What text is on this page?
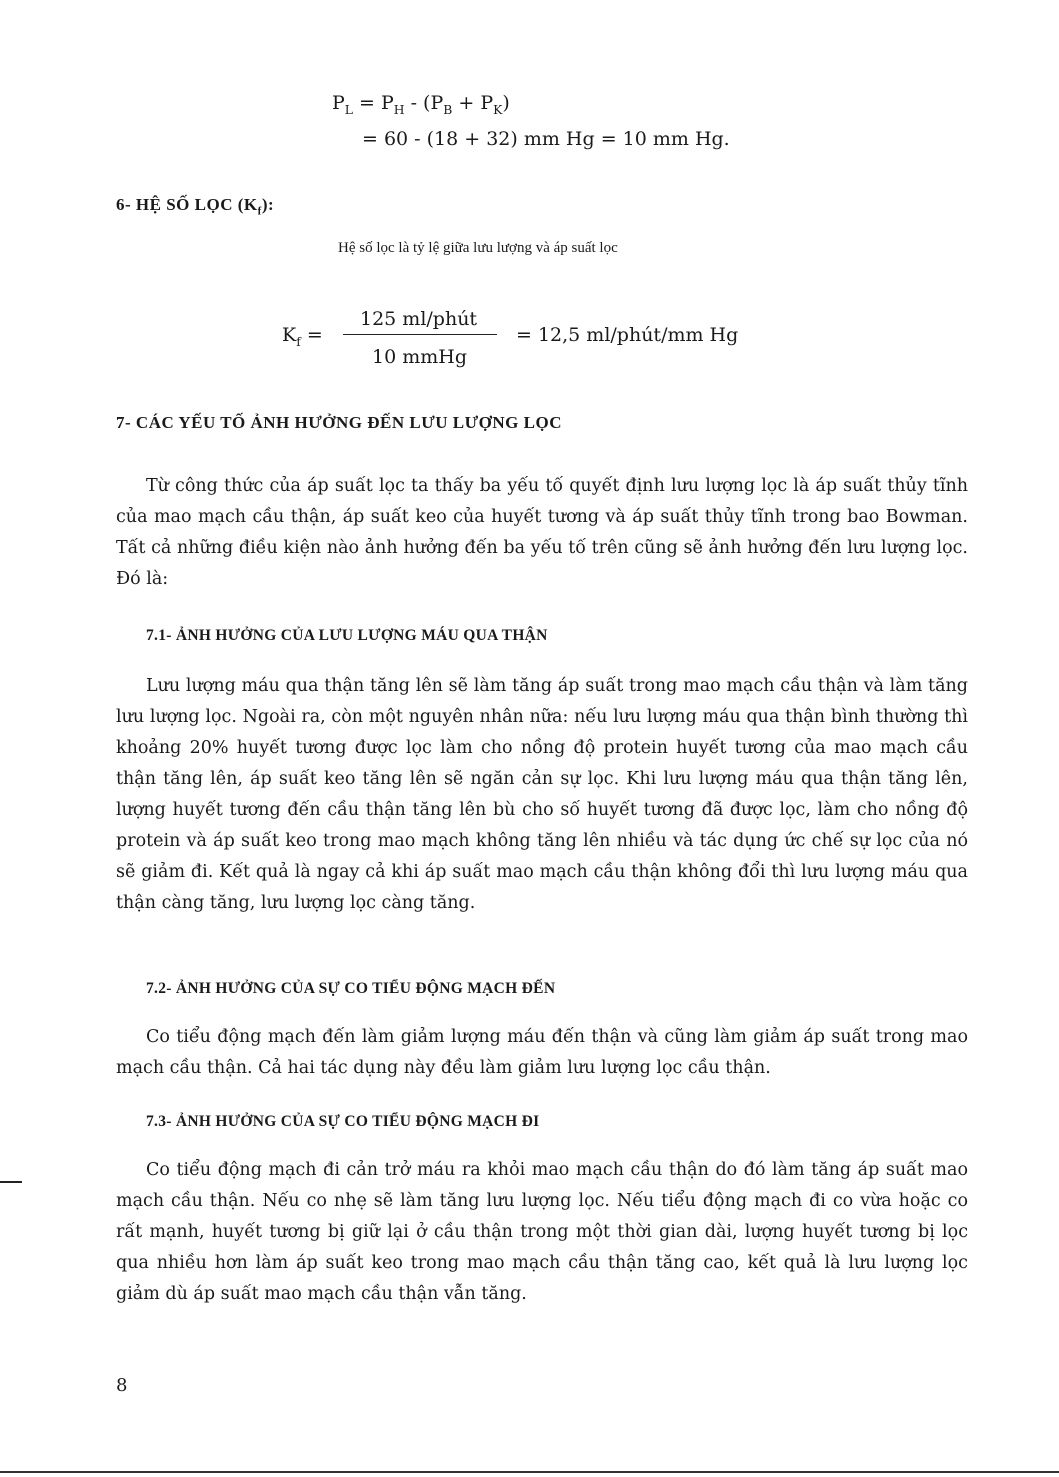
$P_L = P_H - (P_B + P_K)$
= 60 - (18 + 32) mm Hg = 10 mm Hg.
6- HỆ SỐ LỌC $(K_f)$:
Hệ số lọc là tỷ lệ giữa lưu lượng và áp suất lọc
$K_f$ =
125 ml/phút
10 mmHg
= 12,5 ml/phút/mm Hg
7- CÁC YẾU TỐ ẢNH HƯỞNG ĐẾN LƯU LƯỢNG LỌC

Từ công thức của áp suất lọc ta thấy ba yếu tố quyết định lưu lượng lọc là áp suất thủy tĩnh của mao mạch cầu thận, áp suất keo của huyết tương và áp suất thủy tĩnh trong bao Bowman. Tất cả những điều kiện nào ảnh hưởng đến ba yếu tố trên cũng sẽ ảnh hưởng đến lưu lượng lọc. Đó là:

7.1- ẢNH HƯỞNG CỦA LƯU LƯỢNG MÁU QUA THẬN

Lưu lượng máu qua thận tăng lên sẽ làm tăng áp suất trong mao mạch cầu thận và làm tăng lưu lượng lọc. Ngoài ra, còn một nguyên nhân nữa: nếu lưu lượng máu qua thận bình thường thì khoảng 20% huyết tương được lọc làm cho nồng độ protein huyết tương của mao mạch cầu thận tăng lên, áp suất keo tăng lên sẽ ngăn cản sự lọc. Khi lưu lượng máu qua thận tăng lên, lượng huyết tương đến cầu thận tăng lên bù cho số huyết tương đã được lọc, làm cho nồng độ protein và áp suất keo trong mao mạch không tăng lên nhiều và tác dụng ức chế sự lọc của nó sẽ giảm đi. Kết quả là ngay cả khi áp suất mao mạch cầu thận không đổi thì lưu lượng máu qua thận càng tăng, lưu lượng lọc càng tăng.

7.2- ẢNH HƯỞNG CỦA SỰ CO TIỂU ĐỘNG MẠCH ĐẾN

Co tiểu động mạch đến làm giảm lượng máu đến thận và cũng làm giảm áp suất trong mao mạch cầu thận. Cả hai tác dụng này đều làm giảm lưu lượng lọc cầu thận.

7.3- ẢNH HƯỞNG CỦA SỰ CO TIỂU ĐỘNG MẠCH ĐI

Co tiểu động mạch đi cản trở máu ra khỏi mao mạch cầu thận do đó làm tăng áp suất mao mạch cầu thận. Nếu co nhẹ sẽ làm tăng lưu lượng lọc. Nếu tiểu động mạch đi co vừa hoặc co rất mạnh, huyết tương bị giữ lại ở cầu thận trong một thời gian dài, lượng huyết tương bị lọc qua nhiều hơn làm áp suất keo trong mao mạch cầu thận tăng cao, kết quả là lưu lượng lọc giảm dù áp suất mao mạch cầu thận vẫn tăng.

8
